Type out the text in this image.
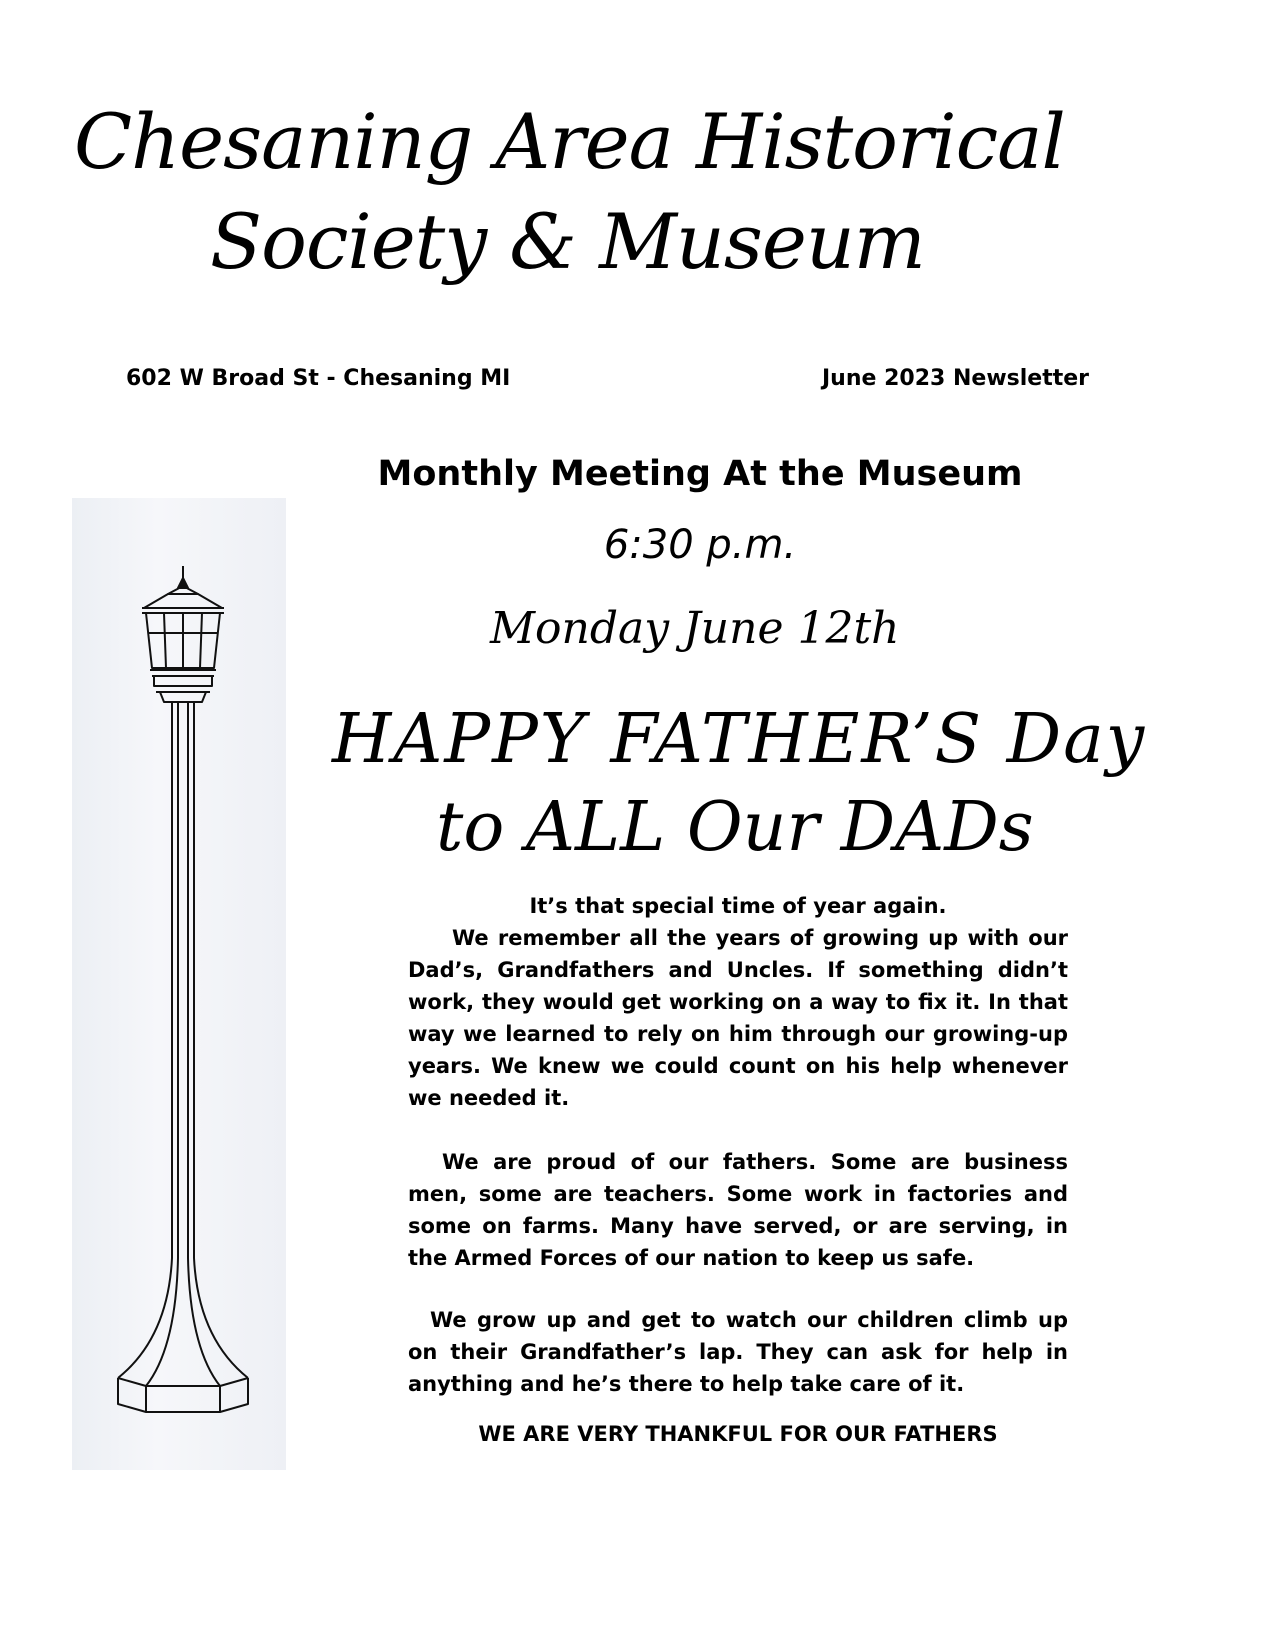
Chesaning Area Historical
Society & Museum
602 W Broad St - Chesaning MI	June 2023 Newsletter
Monthly Meeting At the Museum
6:30 p.m.
Monday June 12th
HAPPY FATHER’S Day
to ALL Our DADs

It’s that special time of year again.

We remember all the years of growing up with our Dad’s, Grandfathers and Uncles. If something didn’t work, they would get working on a way to fix it. In that way we learned to rely on him through our growing-up years. We knew we could count on his help whenever we needed it.

We are proud of our fathers. Some are business men, some are teachers. Some work in factories and some on farms. Many have served, or are serving, in the Armed Forces of our nation to keep us safe.

We grow up and get to watch our children climb up on their Grandfather’s lap. They can ask for help in anything and he’s there to help take care of it.

WE ARE VERY THANKFUL FOR OUR FATHERS
